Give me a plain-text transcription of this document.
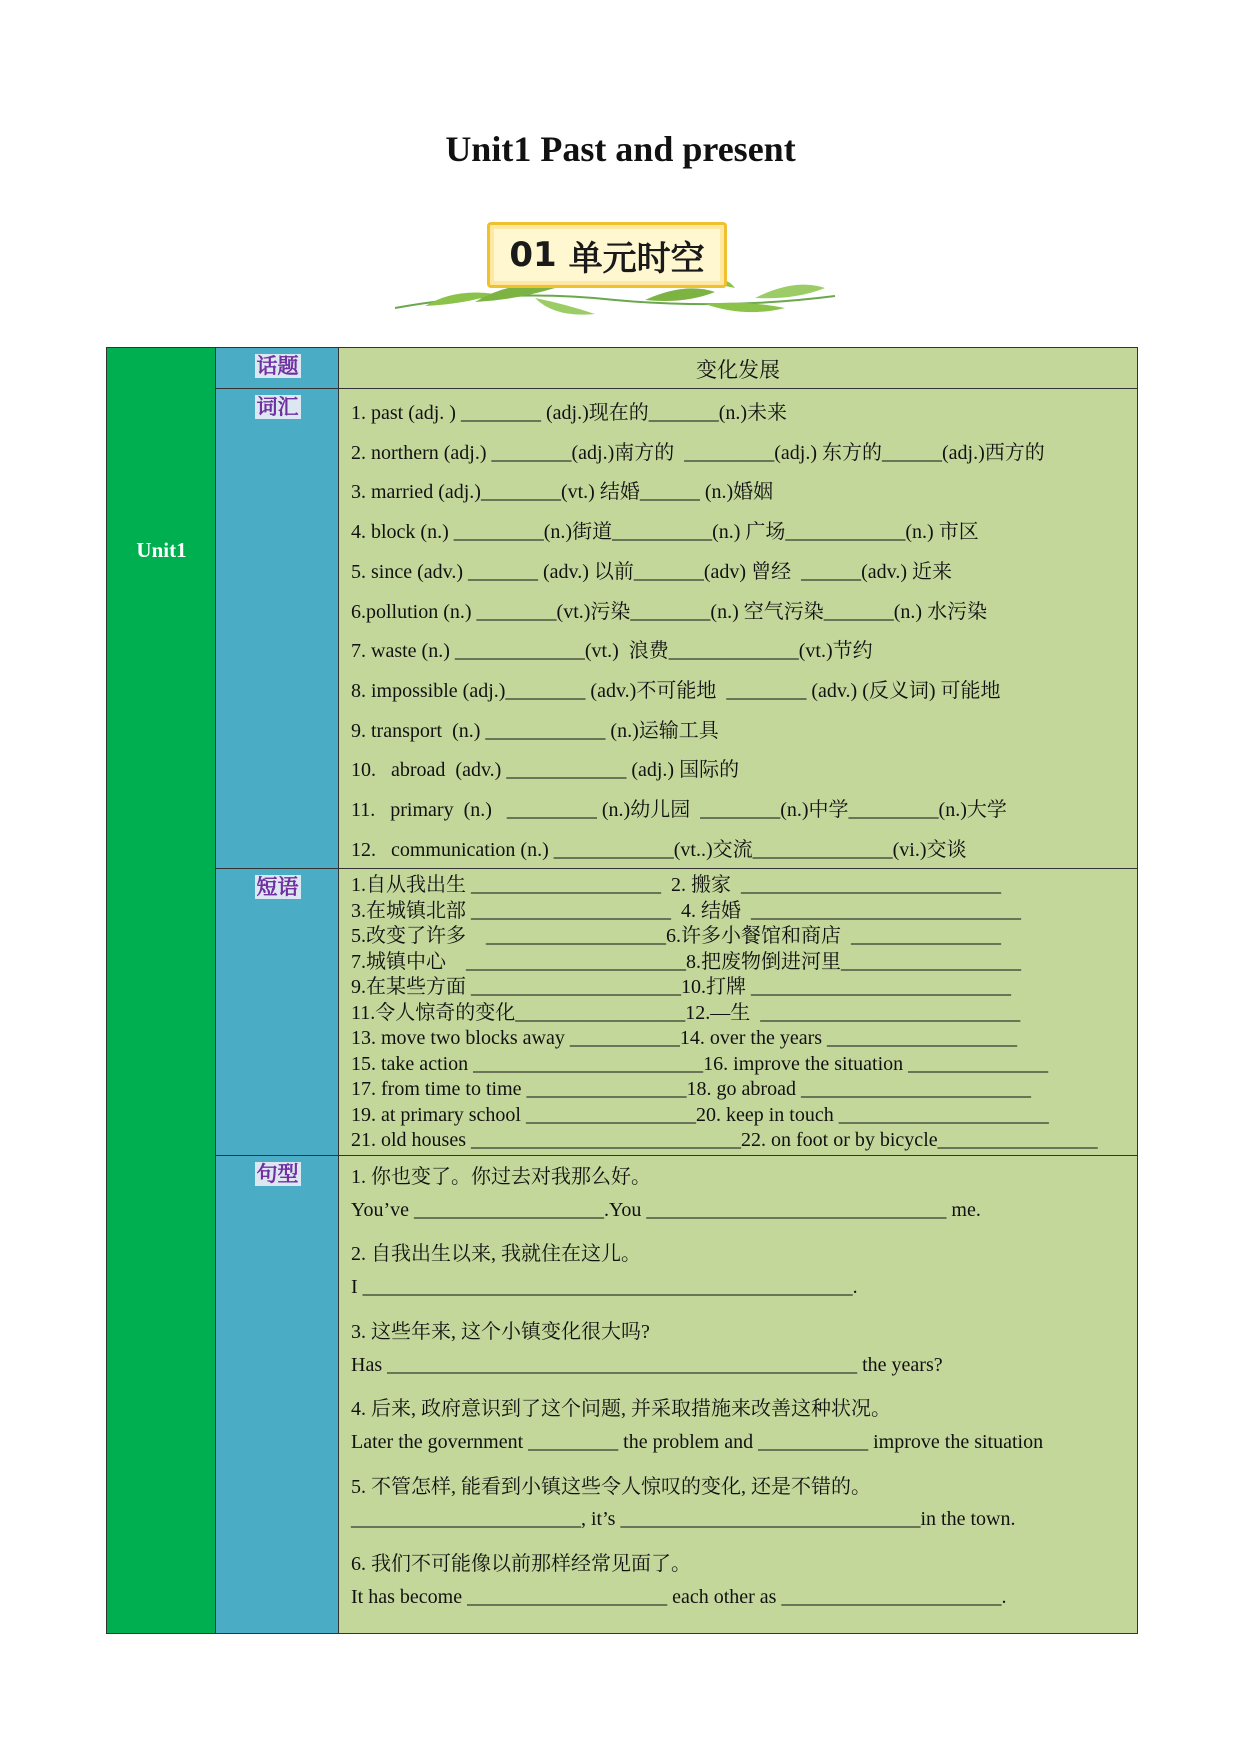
Unit1 Past and present
01 单元时空
Unit1
话题
词汇
短语
句型
变化发展
1. past (adj. ) ________ (adj.)现在的_______(n.)未来
2. northern (adj.) ________(adj.)南方的  _________(adj.) 东方的______(adj.)西方的
3. married (adj.)________(vt.) 结婚______ (n.)婚姻
4. block (n.) _________(n.)街道__________(n.) 广场____________(n.) 市区
5. since (adv.) _______ (adv.) 以前_______(adv) 曾经  ______(adv.) 近来
6.pollution (n.) ________(vt.)污染________(n.) 空气污染_______(n.) 水污染
7. waste (n.) _____________(vt.)  浪费_____________(vt.)节约
8. impossible (adj.)________ (adv.)不可能地  ________ (adv.) (反义词) 可能地
9. transport  (n.) ____________ (n.)运输工具
10.   abroad  (adv.) ____________ (adj.) 国际的
11.   primary  (n.)   _________ (n.)幼儿园  ________(n.)中学_________(n.)大学
12.   communication (n.) ____________(vt..)交流______________(vi.)交谈
1.自从我出生 ___________________  2. 搬家  __________________________
3.在城镇北部 ____________________  4. 结婚  ___________________________
5.改变了许多    __________________6.许多小餐馆和商店  _______________
7.城镇中心    ______________________8.把废物倒进河里__________________
9.在某些方面 _____________________10.打牌 __________________________
11.令人惊奇的变化_________________12.—生  __________________________
13. move two blocks away ___________14. over the years ___________________
15. take action _______________________16. improve the situation ______________
17. from time to time ________________18. go abroad _______________________
19. at primary school _________________20. keep in touch _____________________
21. old houses ___________________________22. on foot or by bicycle________________
1. 你也变了。你过去对我那么好。
You’ve ___________________.You ______________________________ me.
2. 自我出生以来, 我就住在这儿。
I _________________________________________________.
3. 这些年来, 这个小镇变化很大吗?
Has _______________________________________________ the years?
4. 后来, 政府意识到了这个问题, 并采取措施来改善这种状况。
Later the government _________ the problem and ___________ improve the situation
5. 不管怎样, 能看到小镇这些令人惊叹的变化, 还是不错的。
_______________________, it’s ______________________________in the town.
6. 我们不可能像以前那样经常见面了。
It has become ____________________ each other as ______________________.
